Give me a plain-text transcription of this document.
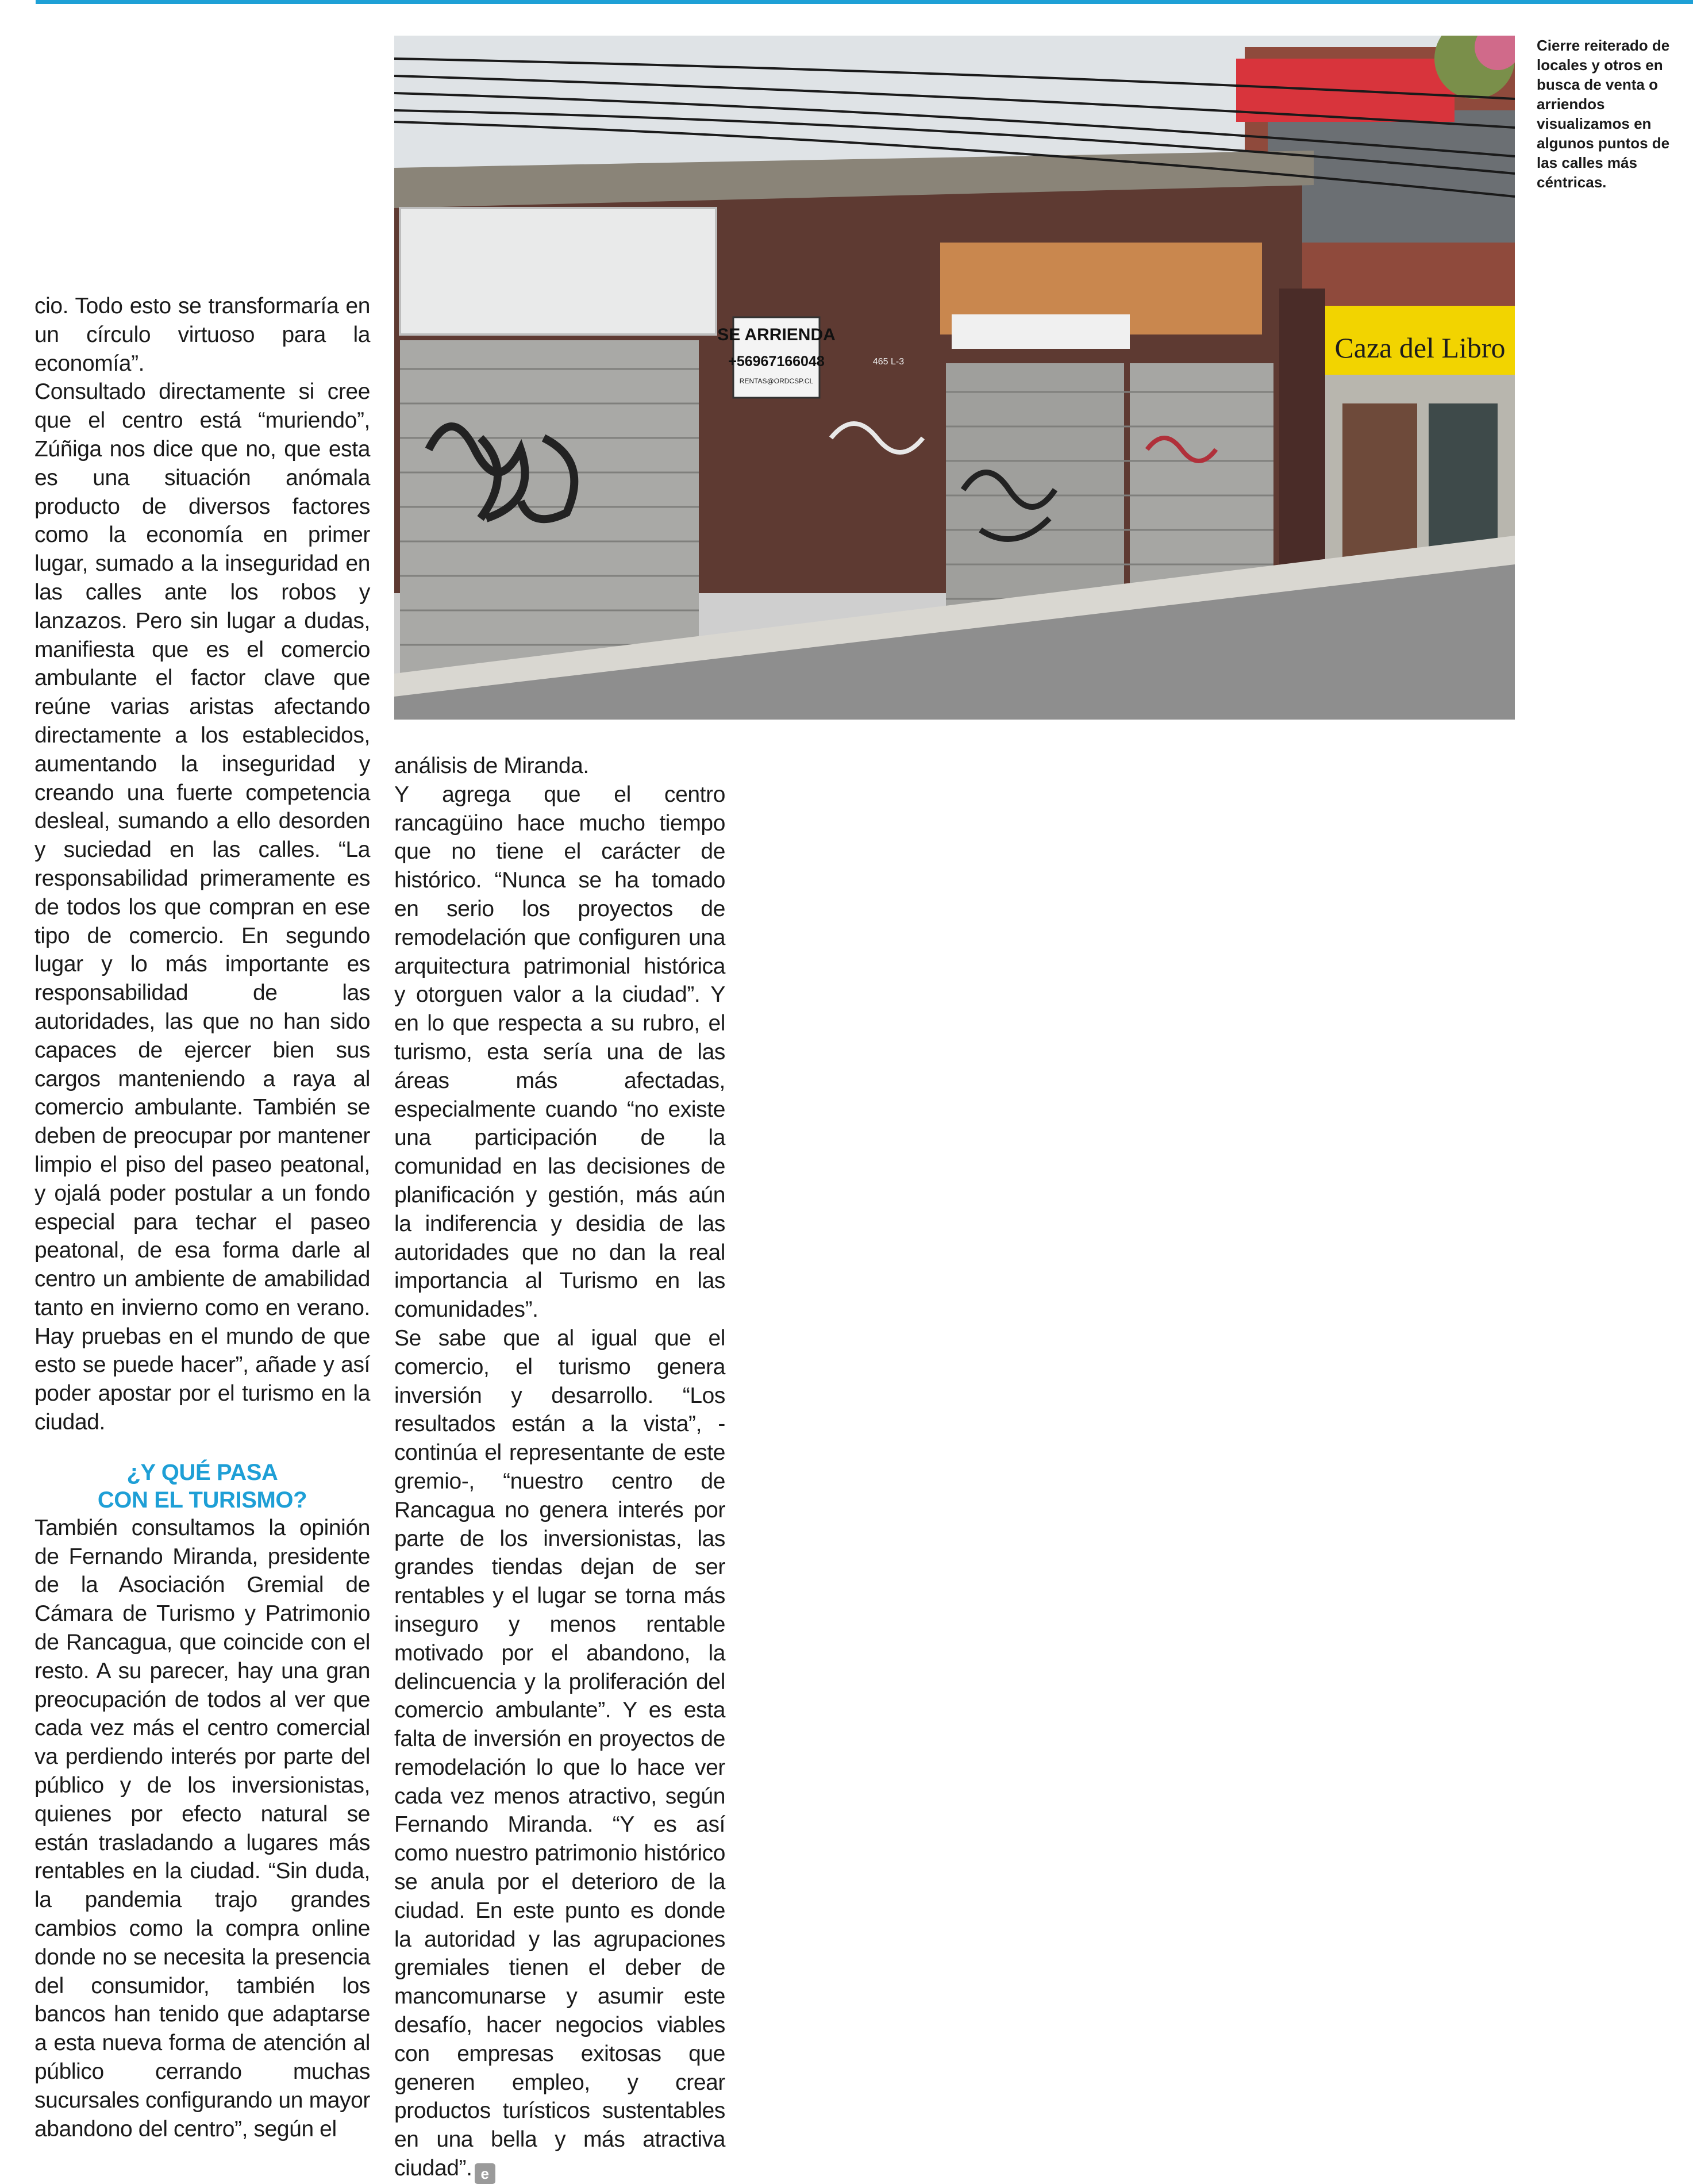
SE ARRIENDA
+56967166048
RENTAS@ORDCSP.CL
465 L-3	Caza del Libro
Cierre reiterado de locales y otros en busca de venta o arriendos visualizamos en algunos puntos de las calles más céntricas.

cio. Todo esto se transformaría en un círculo virtuoso para la economía”.

Consultado directamente si cree que el centro está “muriendo”, Zúñiga nos dice que no, que esta es una situación anómala producto de diversos factores como la economía en primer lugar, sumado a la inseguridad en las calles ante los robos y lanzazos. Pero sin lugar a dudas, manifiesta que es el comercio ambulante el factor clave que reúne varias aristas afectando directamente a los establecidos, aumentando la inseguridad y creando una fuerte competencia desleal, sumando a ello desorden y suciedad en las calles. “La responsabilidad primeramente es de todos los que compran en ese tipo de comercio. En segundo lugar y lo más importante es responsabilidad de las autoridades, las que no han sido capaces de ejercer bien sus cargos manteniendo a raya al comercio ambulante. También se deben de preocupar por mantener limpio el piso del paseo peatonal, y ojalá poder postular a un fondo especial para techar el paseo peatonal, de esa forma darle al centro un ambiente de amabilidad tanto en invierno como en verano. Hay pruebas en el mundo de que esto se puede hacer”, añade y así poder apostar por el turismo en la ciudad.

¿Y QUÉ PASA
CON EL TURISMO?

También consultamos la opinión de Fernando Miranda, presidente de la Asociación Gremial de Cámara de Turismo y Patrimonio de Rancagua, que coincide con el resto. A su parecer, hay una gran preocupación de todos al ver que cada vez más el centro comercial va perdiendo interés por parte del público y de los inversionistas, quienes por efecto natural se están trasladando a lugares más rentables en la ciudad. “Sin duda, la pandemia trajo grandes cambios como la compra online donde no se necesita la presencia del consumidor, también los bancos han tenido que adaptarse a esta nueva forma de atención al público cerrando muchas sucursales configurando un mayor abandono del centro”, según el

análisis de Miranda.

Y agrega que el centro rancagüino hace mucho tiempo que no tiene el carácter de histórico. “Nunca se ha tomado en serio los proyectos de remodelación que configuren una arquitectura patrimonial histórica y otorguen valor a la ciudad”. Y en lo que respecta a su rubro, el turismo, esta sería una de las áreas más afectadas, especialmente cuando “no existe una participación de la comunidad en las decisiones de planificación y gestión, más aún la indiferencia y desidia de las autoridades que no dan la real importancia al Turismo en las comunidades”.

Se sabe que al igual que el comercio, el turismo genera inversión y desarrollo. “Los resultados están a la vista”, -continúa el representante de este gremio-, “nuestro centro de Rancagua no genera interés por parte de los inversionistas, las grandes tiendas dejan de ser rentables y el lugar se torna más inseguro y menos rentable motivado por el abandono, la delincuencia y la proliferación del comercio ambulante”. Y es esta falta de inversión en proyectos de remodelación lo que lo hace ver cada vez menos atractivo, según Fernando Miranda. “Y es así como nuestro patrimonio histórico se anula por el deterioro de la ciudad. En este punto es donde la autoridad y las agrupaciones gremiales tienen el deber de mancomunarse y asumir este desafío, hacer negocios viables con empresas exitosas que generen empleo, y crear productos turísticos sustentables en una bella y más atractiva ciudad”. e
